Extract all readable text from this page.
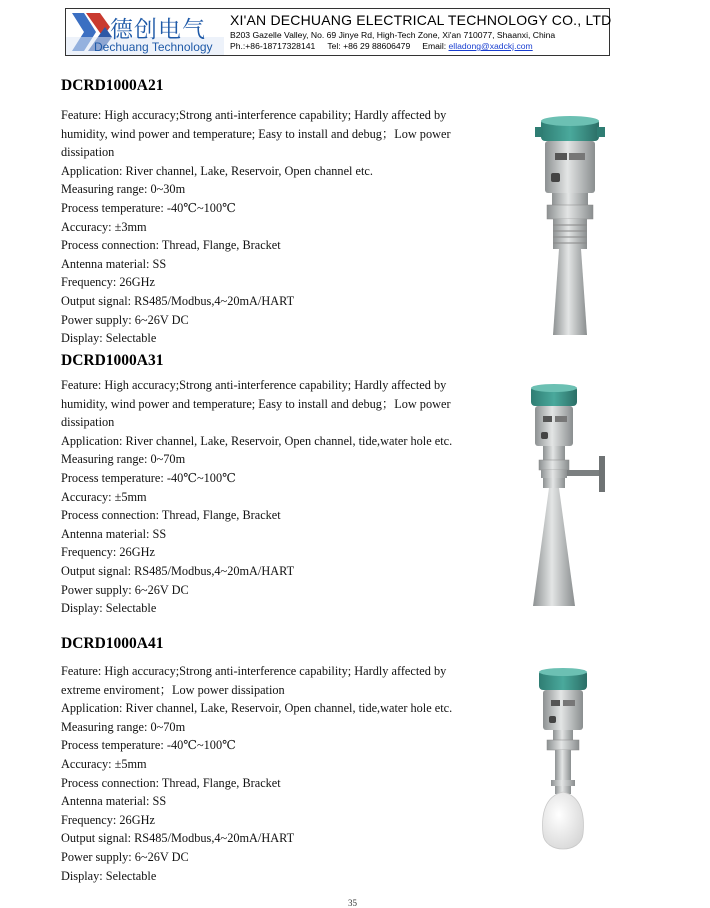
德创电气
Dechuang Technology
XI'AN DECHUANG ELECTRICAL TECHNOLOGY CO., LTD
B203 Gazelle Valley, No. 69 Jinye Rd, High-Tech Zone, Xi'an 710077, Shaanxi, China
Ph.:+86-18717328141 Tel: +86 29 88606479 Email: elladong@xadckj.com
DCRD1000A21
Feature: High accuracy;Strong anti-interference capability; Hardly affected by humidity, wind power and temperature; Easy to install and debug；Low power dissipation
Application: River channel, Lake, Reservoir, Open channel etc.
Measuring range: 0~30m
Process temperature: -40℃~100℃
Accuracy: ±3mm
Process connection: Thread, Flange, Bracket
Antenna material: SS
Frequency: 26GHz
Output signal: RS485/Modbus,4~20mA/HART
Power supply: 6~26V DC
Display: Selectable
DCRD1000A31
Feature: High accuracy;Strong anti-interference capability; Hardly affected by humidity, wind power and temperature; Easy to install and debug；Low power dissipation
Application: River channel, Lake, Reservoir, Open channel, tide,water hole etc.
Measuring range: 0~70m
Process temperature: -40℃~100℃
Accuracy: ±5mm
Process connection: Thread, Flange, Bracket
Antenna material: SS
Frequency: 26GHz
Output signal: RS485/Modbus,4~20mA/HART
Power supply: 6~26V DC
Display: Selectable
DCRD1000A41
Feature: High accuracy;Strong anti-interference capability; Hardly affected by extreme enviroment；Low power dissipation
Application: River channel, Lake, Reservoir, Open channel, tide,water hole etc.
Measuring range: 0~70m
Process temperature: -40℃~100℃
Accuracy: ±5mm
Process connection: Thread, Flange, Bracket
Antenna material: SS
Frequency: 26GHz
Output signal: RS485/Modbus,4~20mA/HART
Power supply: 6~26V DC
Display: Selectable
35
